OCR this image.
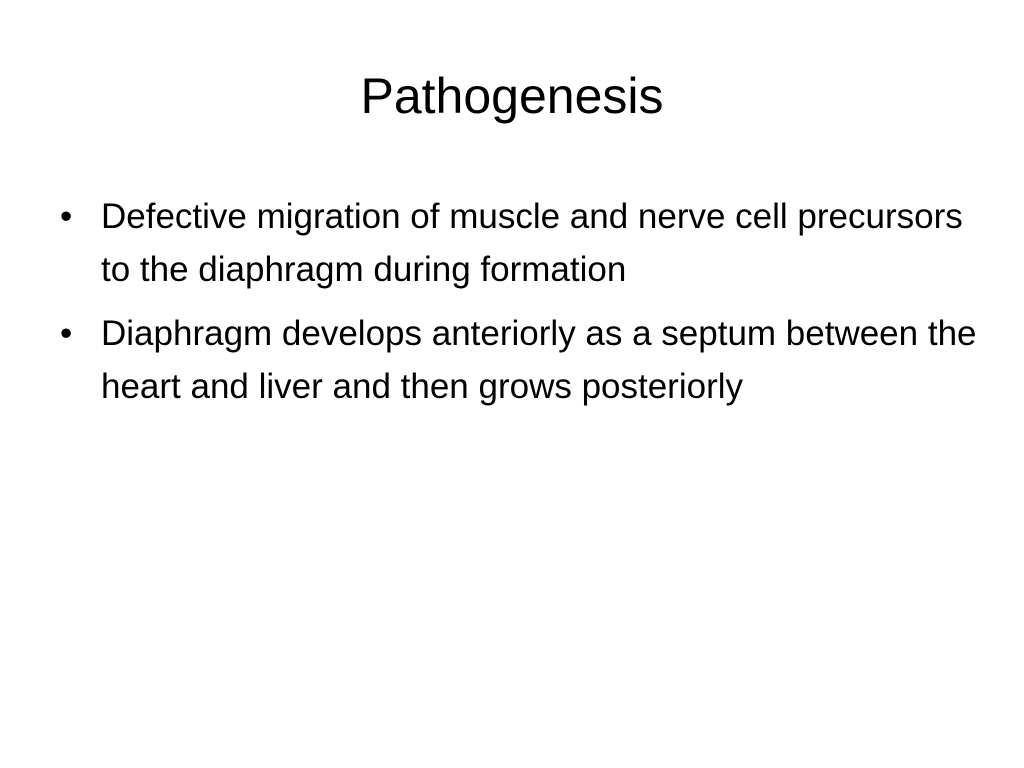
Pathogenesis
• Defective migration of muscle and nerve cell precursors to the diaphragm during formation
• Diaphragm develops anteriorly as a septum between the heart and liver and then grows posteriorly
